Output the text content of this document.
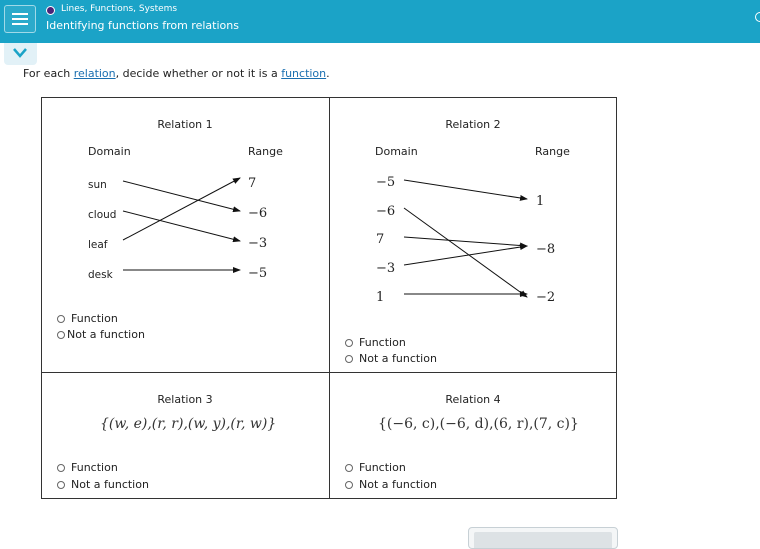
Lines, Functions, Systems
Identifying functions from relations
For each relation, decide whether or not it is a function.
Relation 1
Domain	Range
sun
cloud
leaf
desk
7
−6
−3
−5
Relation 2
Domain	Range
−5
−6
7
−3
1
1
−8
−2
Relation 3	Relation 4
Function
Not a function
Function
Not a function
{(w, e),(r, r),(w, y),(r, w)}
Function
Not a function
{(−6, c),(−6, d),(6, r),(7, c)}
Function
Not a function
